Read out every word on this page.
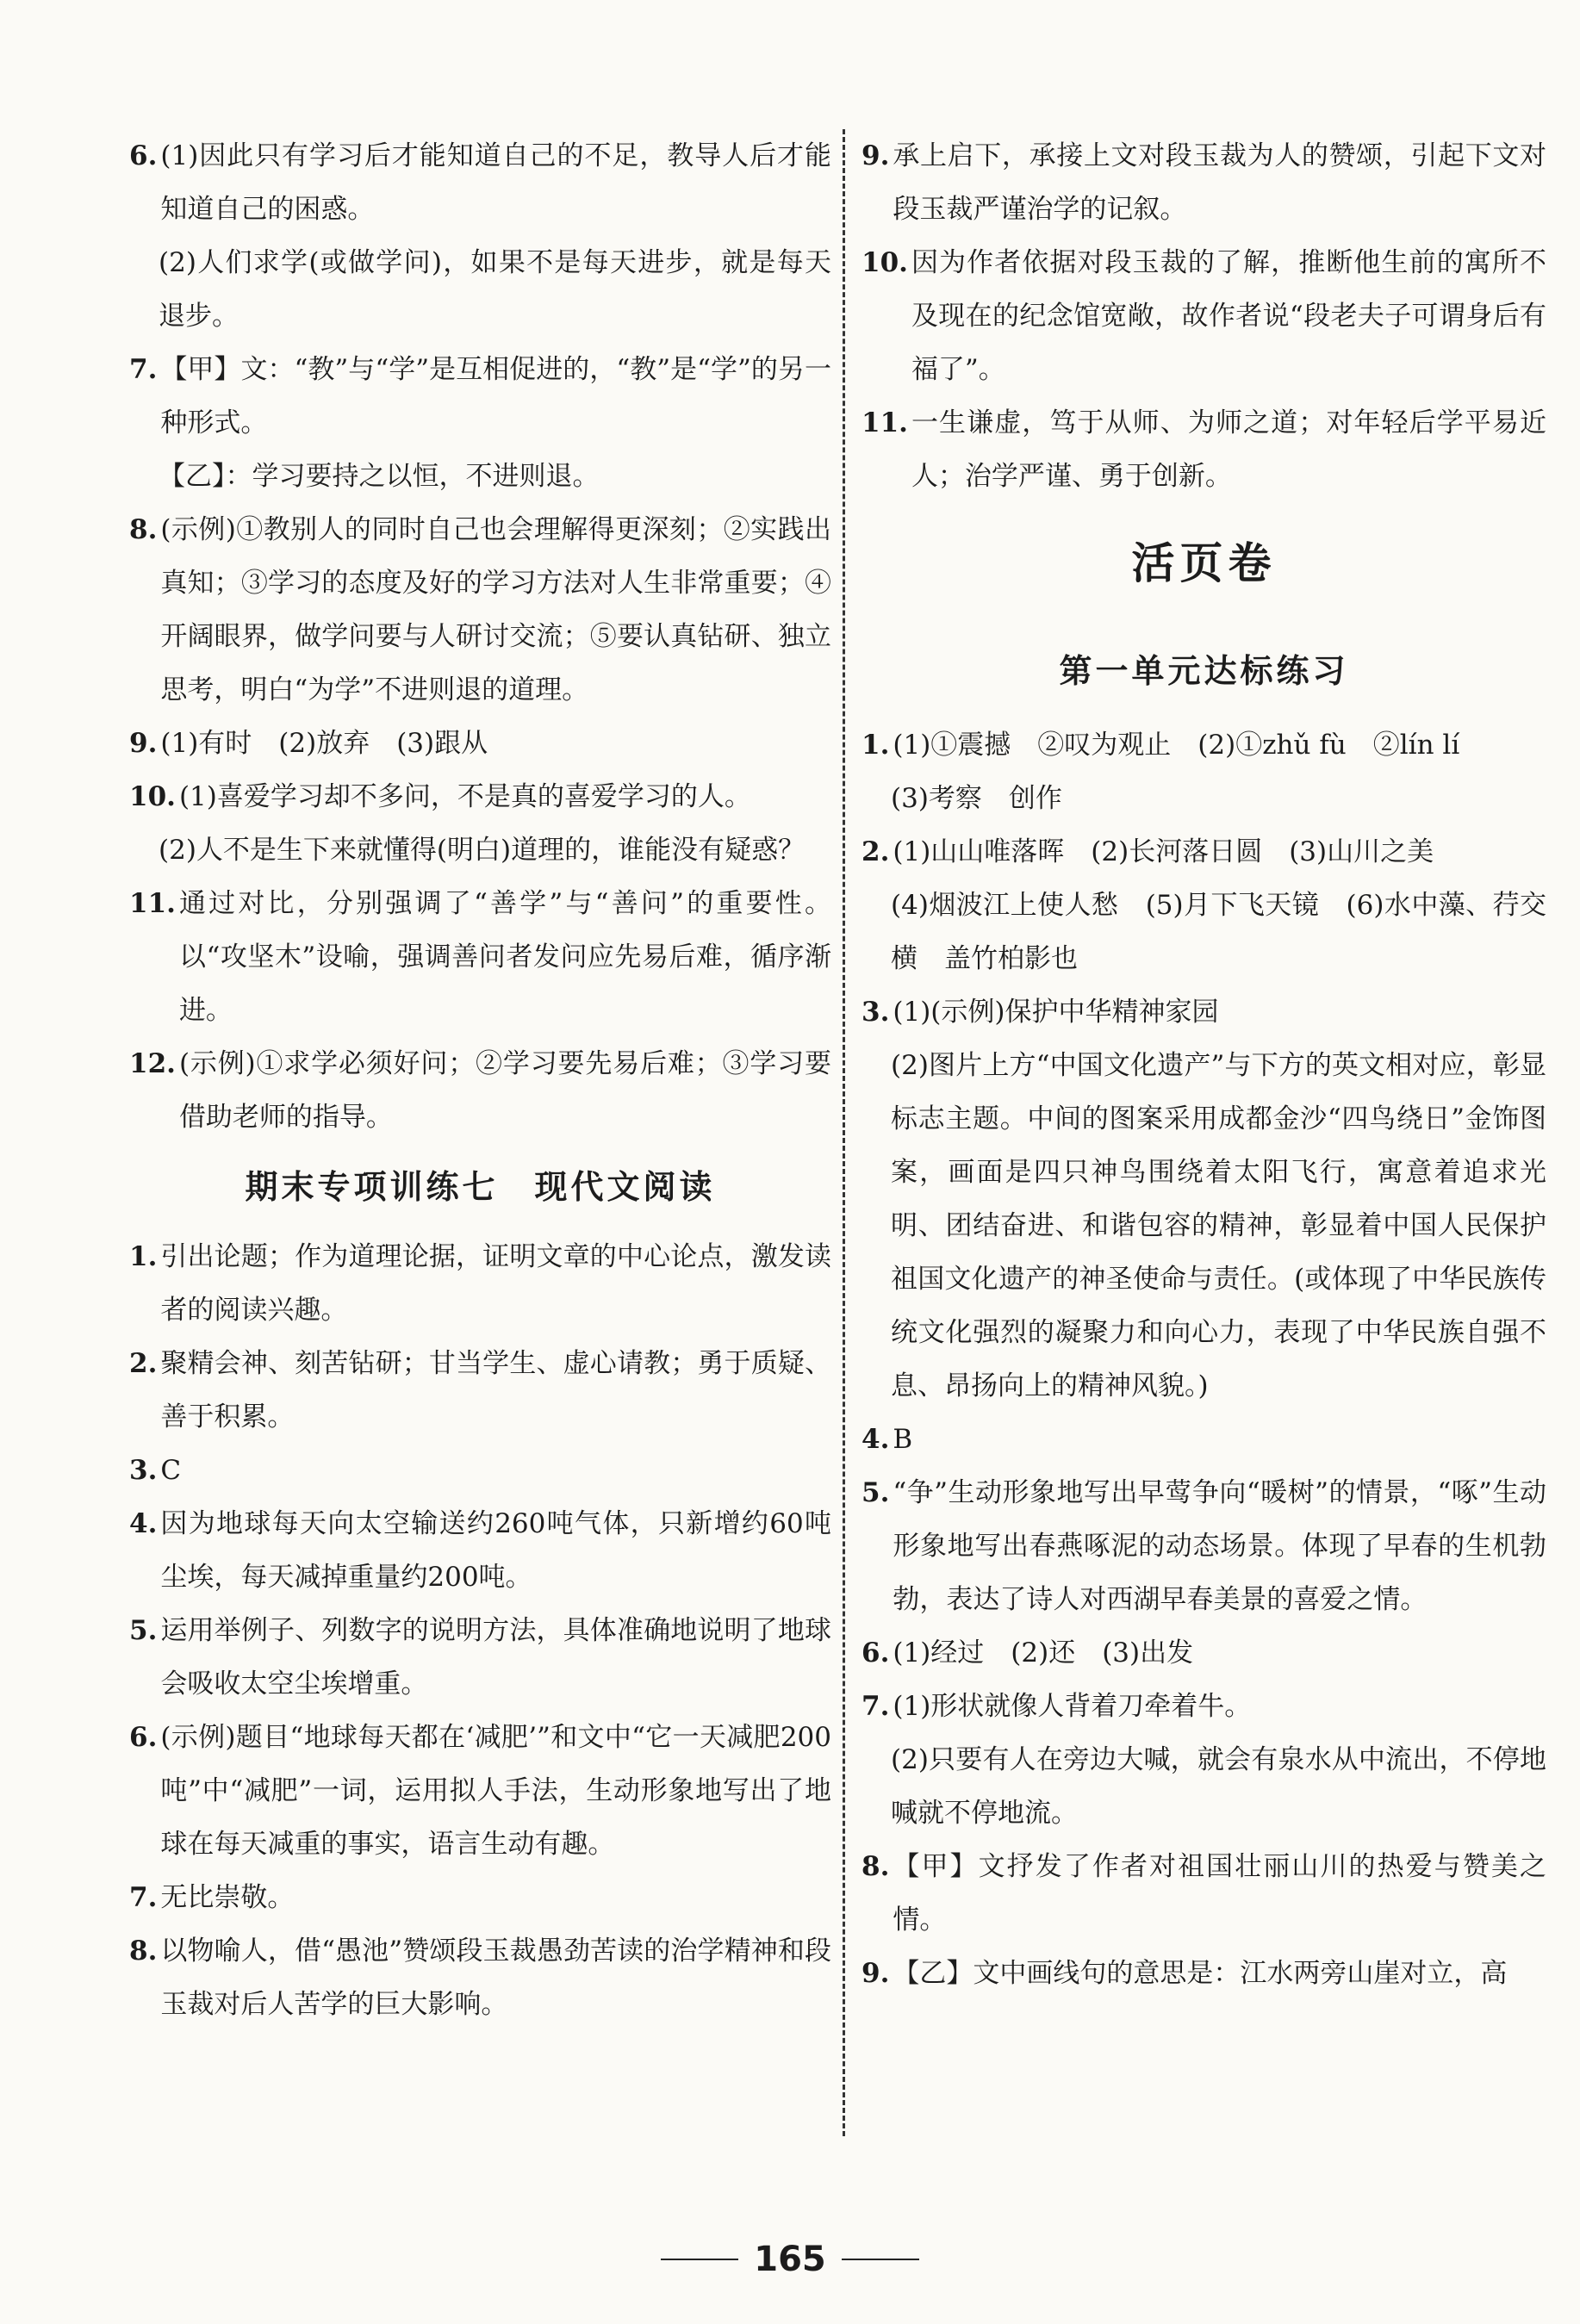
6. (1)因此只有学习后才能知道自己的不足，教导人后才能知道自己的困惑。
(2)人们求学(或做学问)，如果不是每天进步，就是每天退步。
7. 【甲】文：“教”与“学”是互相促进的，“教”是“学”的另一种形式。
【乙】：学习要持之以恒，不进则退。
8. (示例)①教别人的同时自己也会理解得更深刻；②实践出真知；③学习的态度及好的学习方法对人生非常重要；④开阔眼界，做学问要与人研讨交流；⑤要认真钻研、独立思考，明白“为学”不进则退的道理。
9. (1)有时　(2)放弃　(3)跟从
10. (1)喜爱学习却不多问，不是真的喜爱学习的人。
(2)人不是生下来就懂得(明白)道理的，谁能没有疑惑？
11. 通过对比，分别强调了“善学”与“善问”的重要性。以“攻坚木”设喻，强调善问者发问应先易后难，循序渐进。
12. (示例)①求学必须好问；②学习要先易后难；③学习要借助老师的指导。
期末专项训练七　现代文阅读
1. 引出论题；作为道理论据，证明文章的中心论点，激发读者的阅读兴趣。
2. 聚精会神、刻苦钻研；甘当学生、虚心请教；勇于质疑、善于积累。
3. C
4. 因为地球每天向太空输送约260吨气体，只新增约60吨尘埃，每天减掉重量约200吨。
5. 运用举例子、列数字的说明方法，具体准确地说明了地球会吸收太空尘埃增重。
6. (示例)题目“地球每天都在‘减肥’”和文中“它一天减肥200吨”中“减肥”一词，运用拟人手法，生动形象地写出了地球在每天减重的事实，语言生动有趣。
7. 无比崇敬。
8. 以物喻人，借“愚池”赞颂段玉裁愚劲苦读的治学精神和段玉裁对后人苦学的巨大影响。
9. 承上启下，承接上文对段玉裁为人的赞颂，引起下文对段玉裁严谨治学的记叙。
10. 因为作者依据对段玉裁的了解，推断他生前的寓所不及现在的纪念馆宽敞，故作者说“段老夫子可谓身后有福了”。
11. 一生谦虚，笃于从师、为师之道；对年轻后学平易近人；治学严谨、勇于创新。
活页卷
第一单元达标练习
1. (1)①震撼　②叹为观止　(2)①zhǔ fù　②lín lí
(3)考察　创作
2. (1)山山唯落晖　(2)长河落日圆　(3)山川之美
(4)烟波江上使人愁　(5)月下飞天镜　(6)水中藻、荇交横　盖竹柏影也
3. (1)(示例)保护中华精神家园
(2)图片上方“中国文化遗产”与下方的英文相对应，彰显标志主题。中间的图案采用成都金沙“四鸟绕日”金饰图案，画面是四只神鸟围绕着太阳飞行，寓意着追求光明、团结奋进、和谐包容的精神，彰显着中国人民保护祖国文化遗产的神圣使命与责任。(或体现了中华民族传统文化强烈的凝聚力和向心力，表现了中华民族自强不息、昂扬向上的精神风貌。)
4. B
5. “争”生动形象地写出早莺争向“暖树”的情景，“啄”生动形象地写出春燕啄泥的动态场景。体现了早春的生机勃勃，表达了诗人对西湖早春美景的喜爱之情。
6. (1)经过　(2)还　(3)出发
7. (1)形状就像人背着刀牵着牛。
(2)只要有人在旁边大喊，就会有泉水从中流出，不停地喊就不停地流。
8. 【甲】文抒发了作者对祖国壮丽山川的热爱与赞美之情。
9. 【乙】文中画线句的意思是：江水两旁山崖对立，高
165
